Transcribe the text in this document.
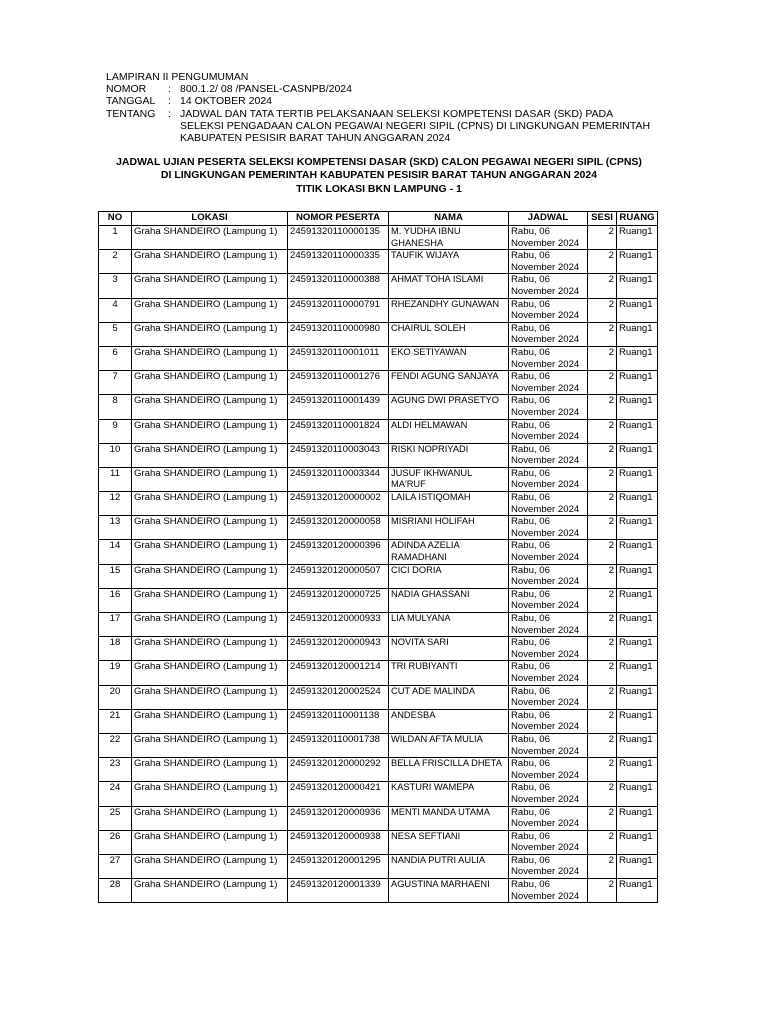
LAMPIRAN II PENGUMUMAN
NOMOR	: 800.1.2/ 08 /PANSEL-CASNPB/2024
TANGGAL	: 14 OKTOBER 2024
TENTANG	: JADWAL DAN TATA TERTIB PELAKSANAAN SELEKSI KOMPETENSI DASAR (SKD) PADA
SELEKSI PENGADAAN CALON PEGAWAI NEGERI SIPIL (CPNS) DI LINGKUNGAN PEMERINTAH
KABUPATEN PESISIR BARAT TAHUN ANGGARAN 2024
JADWAL UJIAN PESERTA SELEKSI KOMPETENSI DASAR (SKD) CALON PEGAWAI NEGERI SIPIL (CPNS)
DI LINGKUNGAN PEMERINTAH KABUPATEN PESISIR BARAT TAHUN ANGGARAN 2024
TITIK LOKASI BKN LAMPUNG - 1
NO	LOKASI	NOMOR PESERTA	NAMA	JADWAL	SESI	RUANG
1	Graha SHANDEIRO (Lampung 1)	24591320110000135	M. YUDHA IBNU GHANESHA	Rabu, 06
November 2024	2	Ruang1
2	Graha SHANDEIRO (Lampung 1)	24591320110000335	TAUFIK WIJAYA	Rabu, 06
November 2024	2	Ruang1
3	Graha SHANDEIRO (Lampung 1)	24591320110000388	AHMAT TOHA ISLAMI	Rabu, 06
November 2024	2	Ruang1
4	Graha SHANDEIRO (Lampung 1)	24591320110000791	RHEZANDHY GUNAWAN	Rabu, 06
November 2024	2	Ruang1
5	Graha SHANDEIRO (Lampung 1)	24591320110000980	CHAIRUL SOLEH	Rabu, 06
November 2024	2	Ruang1
6	Graha SHANDEIRO (Lampung 1)	24591320110001011	EKO SETIYAWAN	Rabu, 06
November 2024	2	Ruang1
7	Graha SHANDEIRO (Lampung 1)	24591320110001276	FENDI AGUNG SANJAYA	Rabu, 06
November 2024	2	Ruang1
8	Graha SHANDEIRO (Lampung 1)	24591320110001439	AGUNG DWI PRASETYO	Rabu, 06
November 2024	2	Ruang1
9	Graha SHANDEIRO (Lampung 1)	24591320110001824	ALDI HELMAWAN	Rabu, 06
November 2024	2	Ruang1
10	Graha SHANDEIRO (Lampung 1)	24591320110003043	RISKI NOPRIYADI	Rabu, 06
November 2024	2	Ruang1
11	Graha SHANDEIRO (Lampung 1)	24591320110003344	JUSUF IKHWANUL MA'RUF	Rabu, 06
November 2024	2	Ruang1
12	Graha SHANDEIRO (Lampung 1)	24591320120000002	LAILA ISTIQOMAH	Rabu, 06
November 2024	2	Ruang1
13	Graha SHANDEIRO (Lampung 1)	24591320120000058	MISRIANI HOLIFAH	Rabu, 06
November 2024	2	Ruang1
14	Graha SHANDEIRO (Lampung 1)	24591320120000396	ADINDA AZELIA RAMADHANI	Rabu, 06
November 2024	2	Ruang1
15	Graha SHANDEIRO (Lampung 1)	24591320120000507	CICI DORIA	Rabu, 06
November 2024	2	Ruang1
16	Graha SHANDEIRO (Lampung 1)	24591320120000725	NADIA GHASSANI	Rabu, 06
November 2024	2	Ruang1
17	Graha SHANDEIRO (Lampung 1)	24591320120000933	LIA MULYANA	Rabu, 06
November 2024	2	Ruang1
18	Graha SHANDEIRO (Lampung 1)	24591320120000943	NOVITA SARI	Rabu, 06
November 2024	2	Ruang1
19	Graha SHANDEIRO (Lampung 1)	24591320120001214	TRI RUBIYANTI	Rabu, 06
November 2024	2	Ruang1
20	Graha SHANDEIRO (Lampung 1)	24591320120002524	CUT ADE MALINDA	Rabu, 06
November 2024	2	Ruang1
21	Graha SHANDEIRO (Lampung 1)	24591320110001138	ANDESBA	Rabu, 06
November 2024	2	Ruang1
22	Graha SHANDEIRO (Lampung 1)	24591320110001738	WILDAN AFTA MULIA	Rabu, 06
November 2024	2	Ruang1
23	Graha SHANDEIRO (Lampung 1)	24591320120000292	BELLA FRISCILLA DHETA	Rabu, 06
November 2024	2	Ruang1
24	Graha SHANDEIRO (Lampung 1)	24591320120000421	KASTURI WAMEPA	Rabu, 06
November 2024	2	Ruang1
25	Graha SHANDEIRO (Lampung 1)	24591320120000936	MENTI MANDA UTAMA	Rabu, 06
November 2024	2	Ruang1
26	Graha SHANDEIRO (Lampung 1)	24591320120000938	NESA SEFTIANI	Rabu, 06
November 2024	2	Ruang1
27	Graha SHANDEIRO (Lampung 1)	24591320120001295	NANDIA PUTRI AULIA	Rabu, 06
November 2024	2	Ruang1
28	Graha SHANDEIRO (Lampung 1)	24591320120001339	AGUSTINA MARHAENI	Rabu, 06
November 2024	2	Ruang1
